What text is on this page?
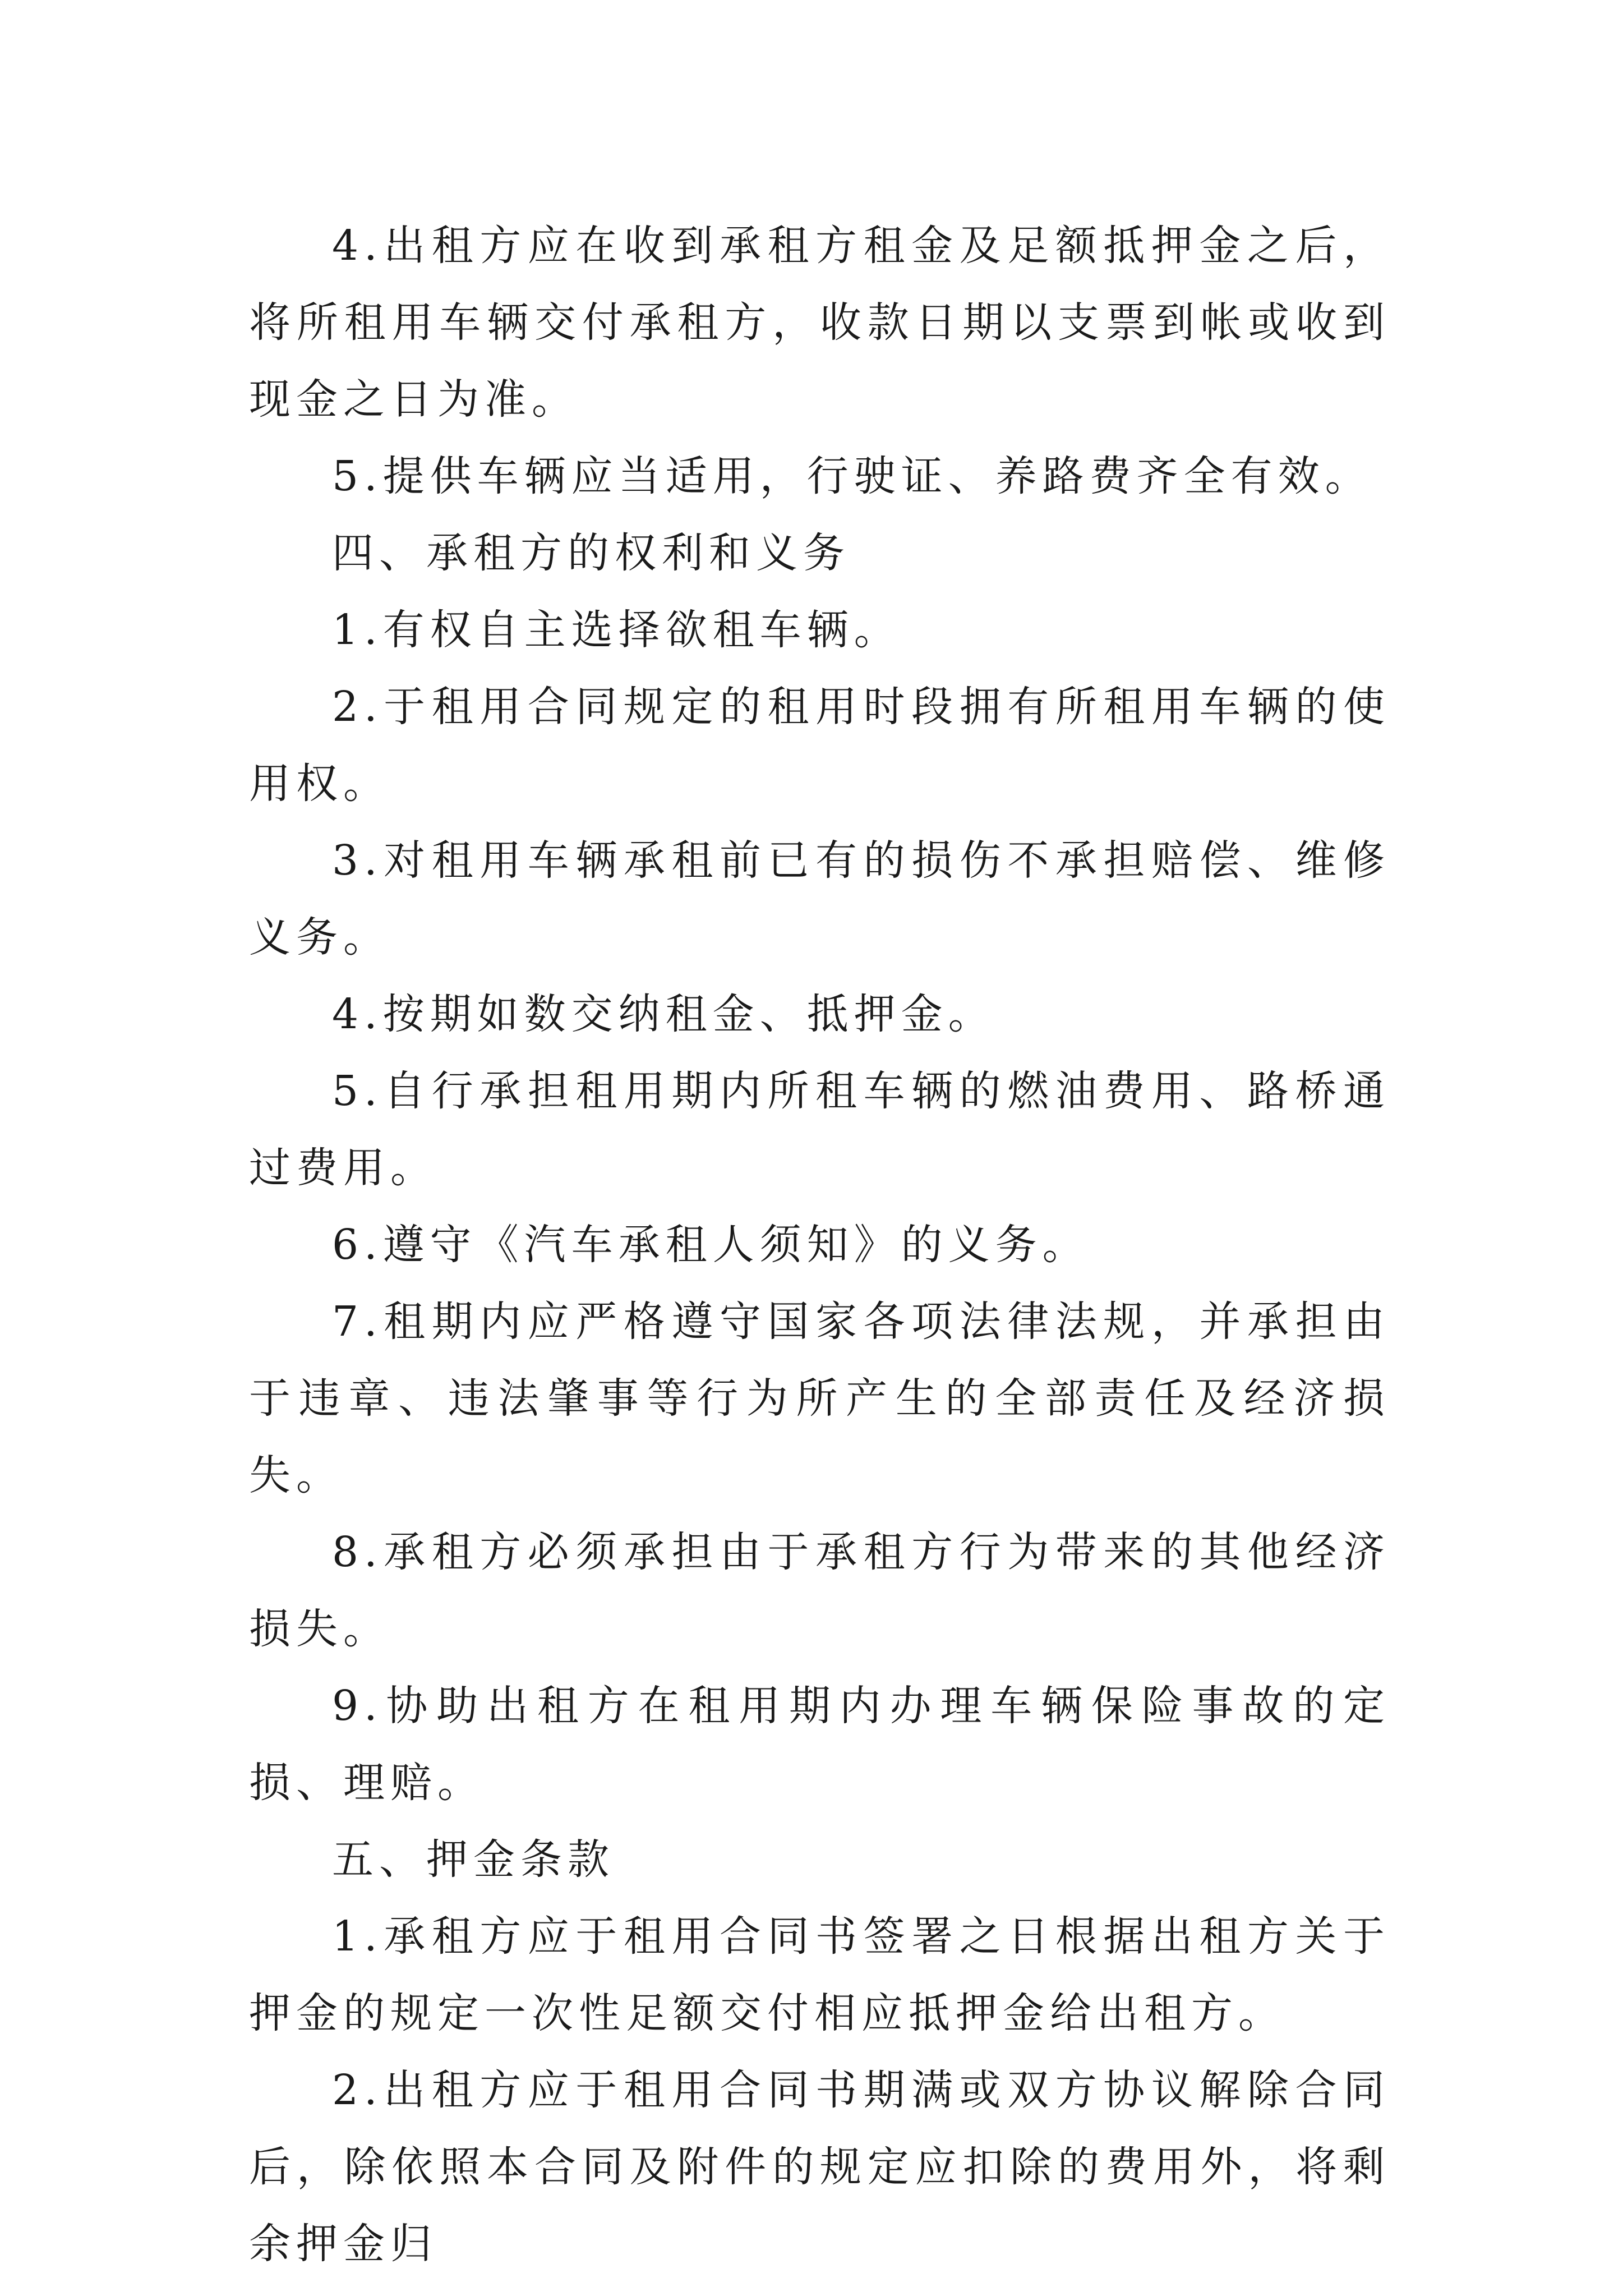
4.出租方应在收到承租方租金及足额抵押金之后，将所租用车辆交付承租方，收款日期以支票到帐或收到现金之日为准。

5.提供车辆应当适用，行驶证、养路费齐全有效。

四、承租方的权利和义务

1.有权自主选择欲租车辆。

2.于租用合同规定的租用时段拥有所租用车辆的使用权。

3.对租用车辆承租前已有的损伤不承担赔偿、维修义务。

4.按期如数交纳租金、抵押金。

5.自行承担租用期内所租车辆的燃油费用、路桥通过费用。

6.遵守《汽车承租人须知》的义务。

7.租期内应严格遵守国家各项法律法规，并承担由于违章、违法肇事等行为所产生的全部责任及经济损失。

8.承租方必须承担由于承租方行为带来的其他经济损失。

9.协助出租方在租用期内办理车辆保险事故的定损、理赔。

五、押金条款

1.承租方应于租用合同书签署之日根据出租方关于押金的规定一次性足额交付相应抵押金给出租方。

2.出租方应于租用合同书期满或双方协议解除合同后，除依照本合同及附件的规定应扣除的费用外，将剩余押金归
